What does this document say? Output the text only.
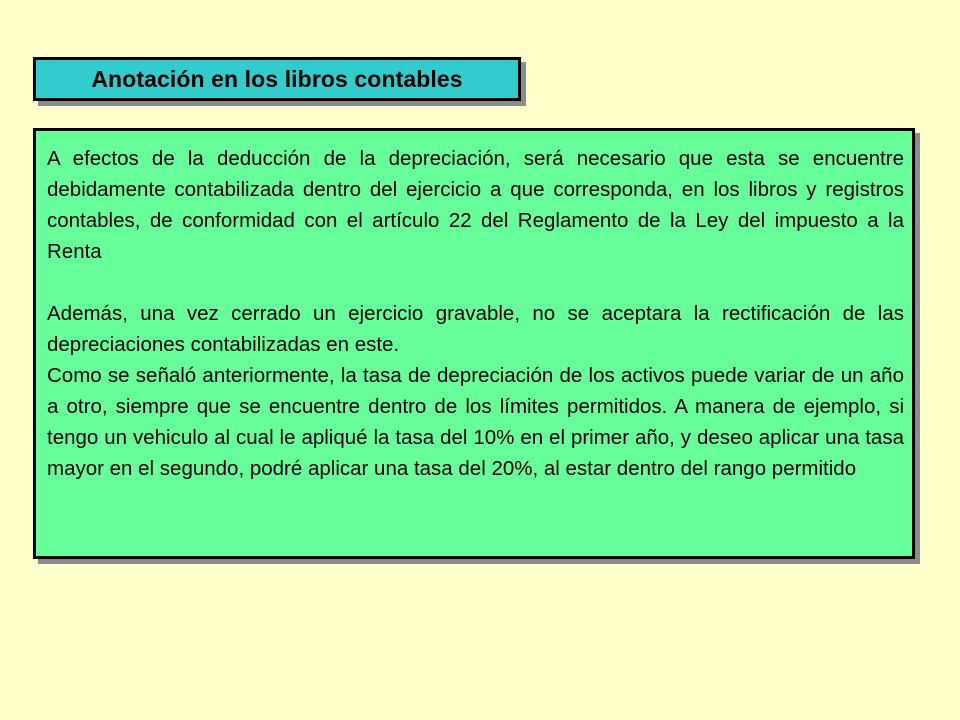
Anotación en los libros contables

A efectos de la deducción de la depreciación, será necesario que esta se encuentre debidamente contabilizada dentro del ejercicio a que corresponda, en los libros y registros contables, de conformidad con el artículo 22 del Reglamento de la Ley del impuesto a la Renta

Además, una vez cerrado un ejercicio gravable, no se aceptara la rectificación de las depreciaciones contabilizadas en este.

Como se señaló anteriormente, la tasa de depreciación de los activos puede variar de un año a otro, siempre que se encuentre dentro de los límites permitidos. A manera de ejemplo, si tengo un vehiculo al cual le apliqué la tasa del 10% en el primer año, y deseo aplicar una tasa mayor en el segundo, podré aplicar una tasa del 20%, al estar dentro del rango permitido
